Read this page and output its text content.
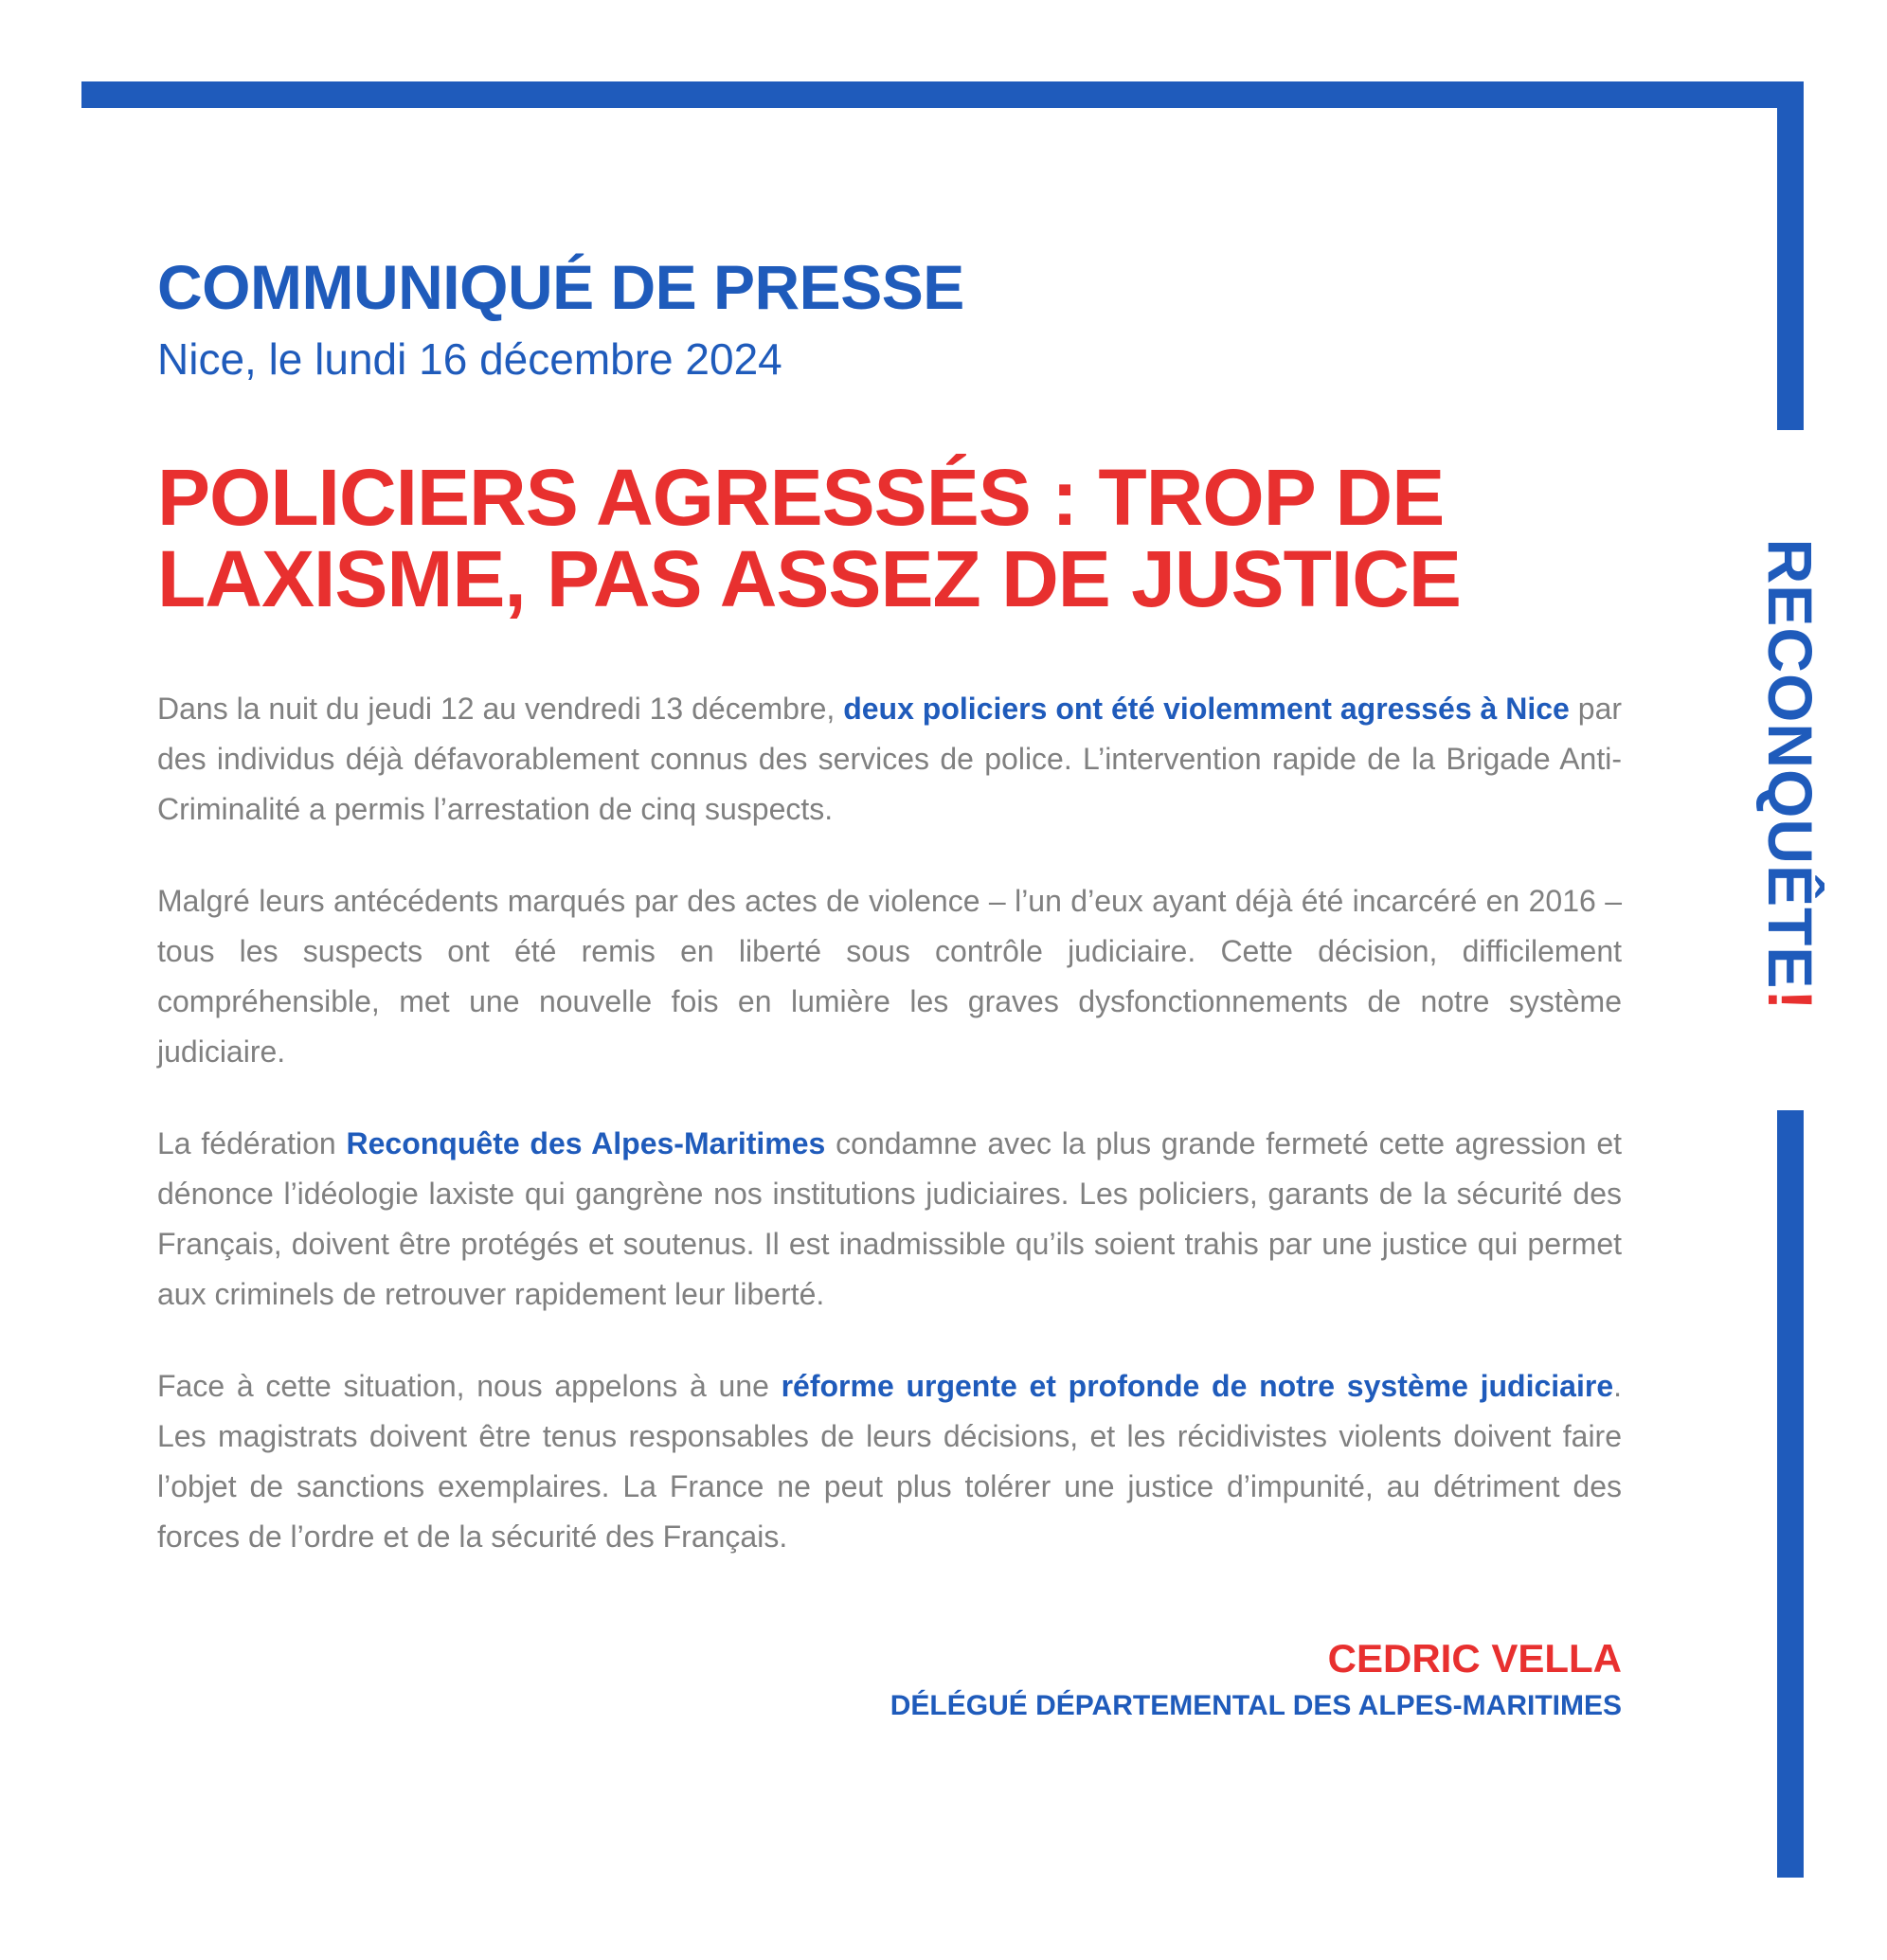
RECONQUÊTE!
COMMUNIQUÉ DE PRESSE
Nice, le lundi 16 décembre 2024
POLICIERS AGRESSÉS : TROP DE
LAXISME, PAS ASSEZ DE JUSTICE
Dans la nuit du jeudi 12 au vendredi 13 décembre, deux policiers ont été violemment agressés à Nice par des individus déjà défavorablement connus des services de police. L’intervention rapide de la Brigade Anti-Criminalité a permis l’arrestation de cinq suspects.
Malgré leurs antécédents marqués par des actes de violence – l’un d’eux ayant déjà été incarcéré en 2016 – tous les suspects ont été remis en liberté sous contrôle judiciaire. Cette décision, difficilement compréhensible, met une nouvelle fois en lumière les graves dysfonctionnements de notre système judiciaire.
La fédération Reconquête des Alpes-Maritimes condamne avec la plus grande fermeté cette agression et dénonce l’idéologie laxiste qui gangrène nos institutions judiciaires. Les policiers, garants de la sécurité des Français, doivent être protégés et soutenus. Il est inadmissible qu’ils soient trahis par une justice qui permet aux criminels de retrouver rapidement leur liberté.
Face à cette situation, nous appelons à une réforme urgente et profonde de notre système judiciaire. Les magistrats doivent être tenus responsables de leurs décisions, et les récidivistes violents doivent faire l’objet de sanctions exemplaires. La France ne peut plus tolérer une justice d’impunité, au détriment des forces de l’ordre et de la sécurité des Français.
CEDRIC VELLA
DÉLÉGUÉ DÉPARTEMENTAL DES ALPES-MARITIMES
